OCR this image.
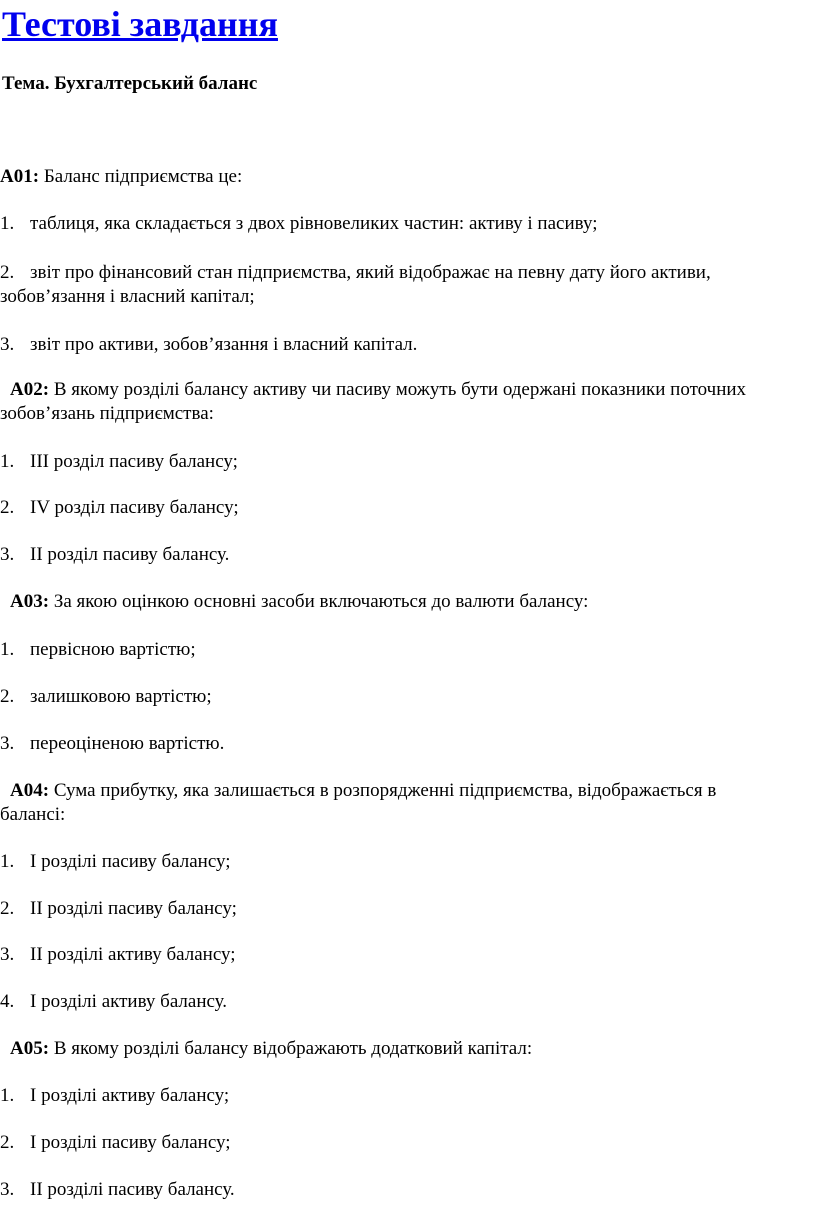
Тестові завдання
Тема. Бухгалтерський баланс
А01: Баланс підприємства це:
1. таблиця, яка складається з двох рівновеликих частин: активу і пасиву;
2. звіт про фінансовий стан підприємства, який відображає на певну дату його активи,
зобов’язання і власний капітал;
3. звіт про активи, зобов’язання і власний капітал.
А02: В якому розділі балансу активу чи пасиву можуть бути одержані показники поточних
зобов’язань підприємства:
1. III розділ пасиву балансу;
2. IV розділ пасиву балансу;
3. II розділ пасиву балансу.
А03: За якою оцінкою основні засоби включаються до валюти балансу:
1. первісною вартістю;
2. залишковою вартістю;
3. переоціненою вартістю.
А04: Сума прибутку, яка залишається в розпорядженні підприємства, відображається в
балансі:
1. I розділі пасиву балансу;
2. II розділі пасиву балансу;
3. II розділі активу балансу;
4. I розділі активу балансу.
А05: В якому розділі балансу відображають додатковий капітал:
1. I розділі активу балансу;
2. I розділі пасиву балансу;
3. II розділі пасиву балансу.
